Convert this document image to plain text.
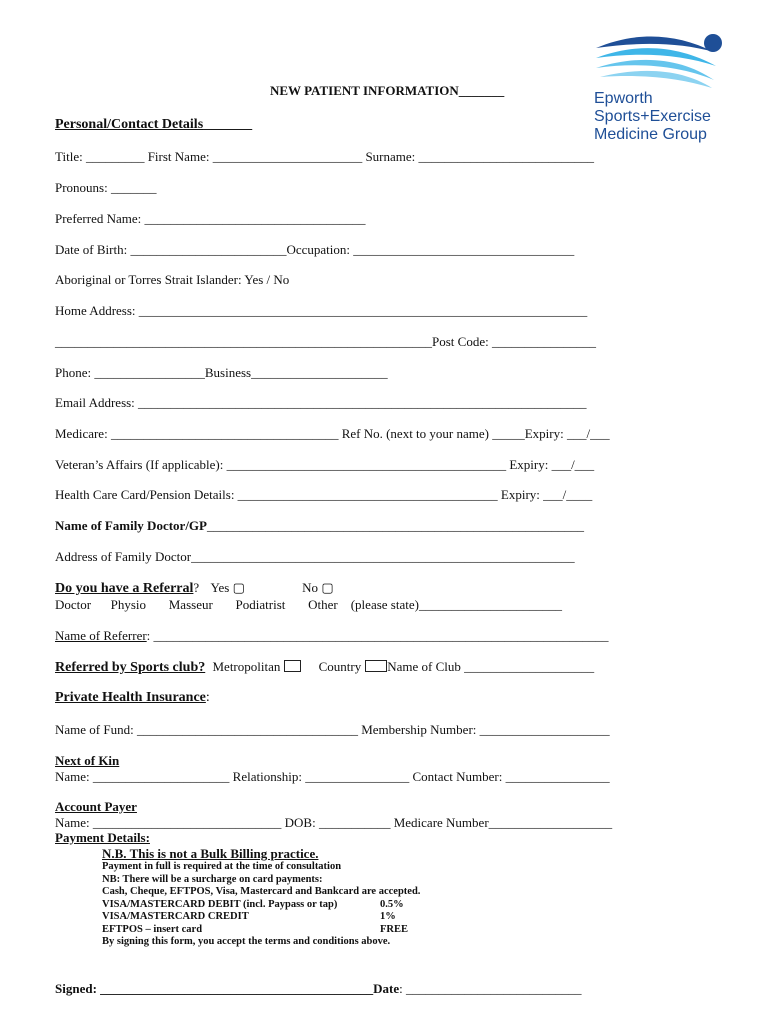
Epworth
Sports+Exercise
Medicine Group
NEW PATIENT INFORMATION_______
Personal/Contact Details_______
Title: _________ First Name: _______________________ Surname: ___________________________
Pronouns: _______
Preferred Name: __________________________________
Date of Birth: ________________________Occupation: __________________________________
Aboriginal or Torres Strait Islander: Yes / No
Home Address: _____________________________________________________________________
__________________________________________________________Post Code: ________________
Phone: _________________Business_____________________
Email Address: _____________________________________________________________________
Medicare: ___________________________________ Ref No. (next to your name) _____Expiry: ___/___
Veteran’s Affairs (If applicable): ___________________________________________ Expiry: ___/___
Health Care Card/Pension Details: ________________________________________ Expiry: ___/____
Name of Family Doctor/GP__________________________________________________________
Address of Family Doctor___________________________________________________________
Do you have a Referral? Yes ▢	No ▢
Doctor      Physio       Masseur       Podiatrist       Other    (please state)______________________
Name of Referrer: ______________________________________________________________________
Referred by Sports club? Metropolitan	Country Name of Club ____________________
Private Health Insurance:
Name of Fund: __________________________________ Membership Number: ____________________
Next of Kin
Name: _____________________ Relationship: ________________ Contact Number: ________________
Account Payer
Name: _____________________________ DOB: ___________ Medicare Number___________________
Payment Details:
N.B. This is not a Bulk Billing practice.
Payment in full is required at the time of consultation
NB: There will be a surcharge on card payments:
Cash, Cheque, EFTPOS, Visa, Mastercard and Bankcard are accepted.
VISA/MASTERCARD DEBIT (incl. Paypass or tap)	0.5%
VISA/MASTERCARD CREDIT	1%
EFTPOS – insert card	FREE
By signing this form, you accept the terms and conditions above.
Signed: __________________________________________Date: ___________________________
